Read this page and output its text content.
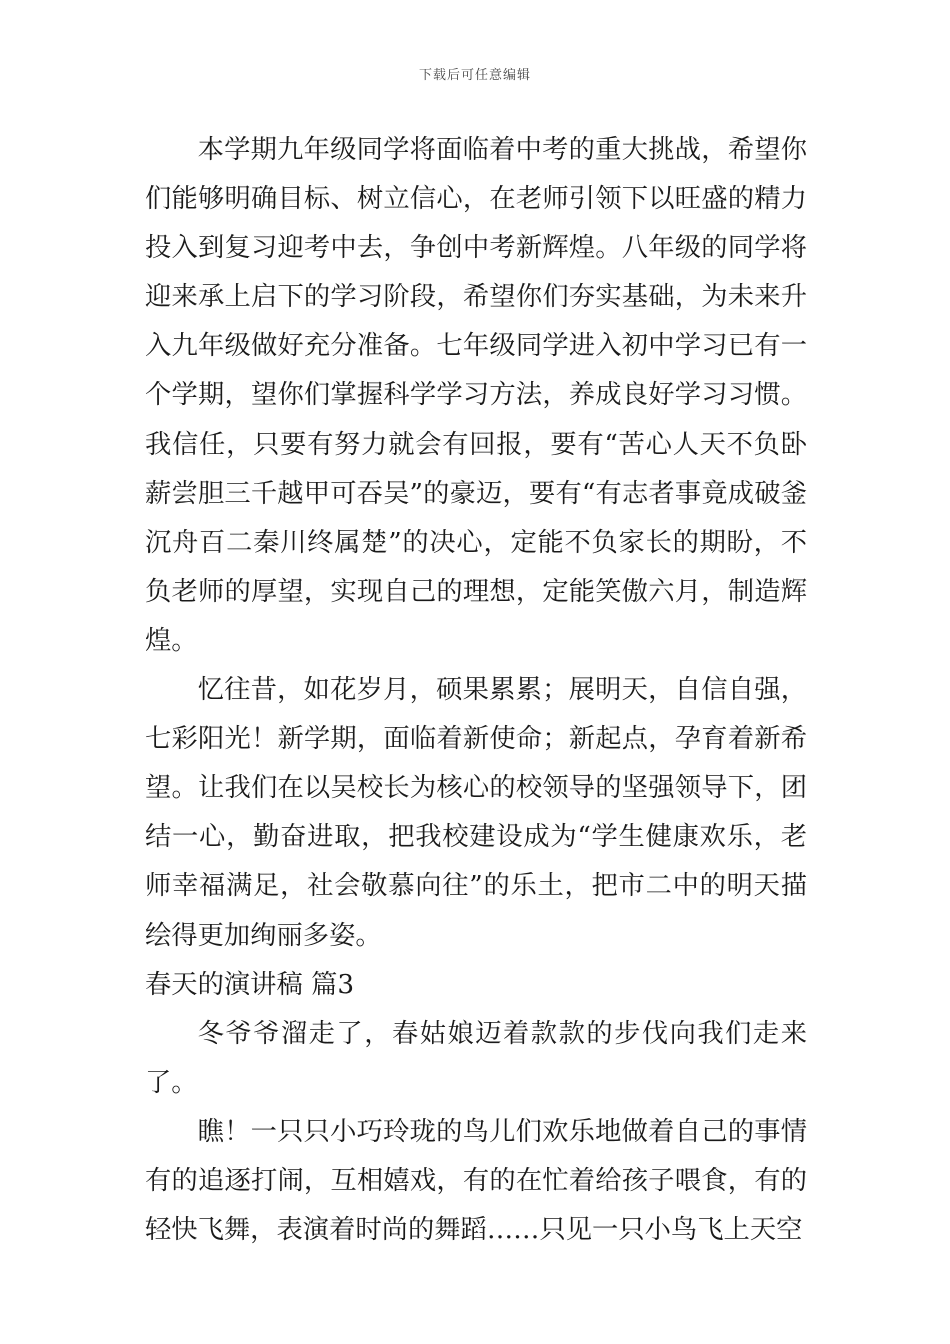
下载后可任意编辑

本学期九年级同学将面临着中考的重大挑战，希望你们能够明确目标、树立信心，在老师引领下以旺盛的精力投入到复习迎考中去，争创中考新辉煌。八年级的同学将迎来承上启下的学习阶段，希望你们夯实基础，为未来升入九年级做好充分准备。七年级同学进入初中学习已有一个学期，望你们掌握科学学习方法，养成良好学习习惯。我信任，只要有努力就会有回报，要有“苦心人天不负卧薪尝胆三千越甲可吞吴”的豪迈，要有“有志者事竟成破釜沉舟百二秦川终属楚”的决心，定能不负家长的期盼，不负老师的厚望，实现自己的理想，定能笑傲六月，制造辉煌。

忆往昔，如花岁月，硕果累累；展明天，自信自强，七彩阳光！新学期，面临着新使命；新起点，孕育着新希望。让我们在以吴校长为核心的校领导的坚强领导下，团结一心，勤奋进取，把我校建设成为“学生健康欢乐，老师幸福满足，社会敬慕向往”的乐土，把市二中的明天描绘得更加绚丽多姿。

春天的演讲稿 篇3

冬爷爷溜走了，春姑娘迈着款款的步伐向我们走来了。

瞧！一只只小巧玲珑的鸟儿们欢乐地做着自己的事情有的追逐打闹，互相嬉戏，有的在忙着给孩子喂食，有的轻快飞舞，表演着时尚的舞蹈……只见一只小鸟飞上天空
